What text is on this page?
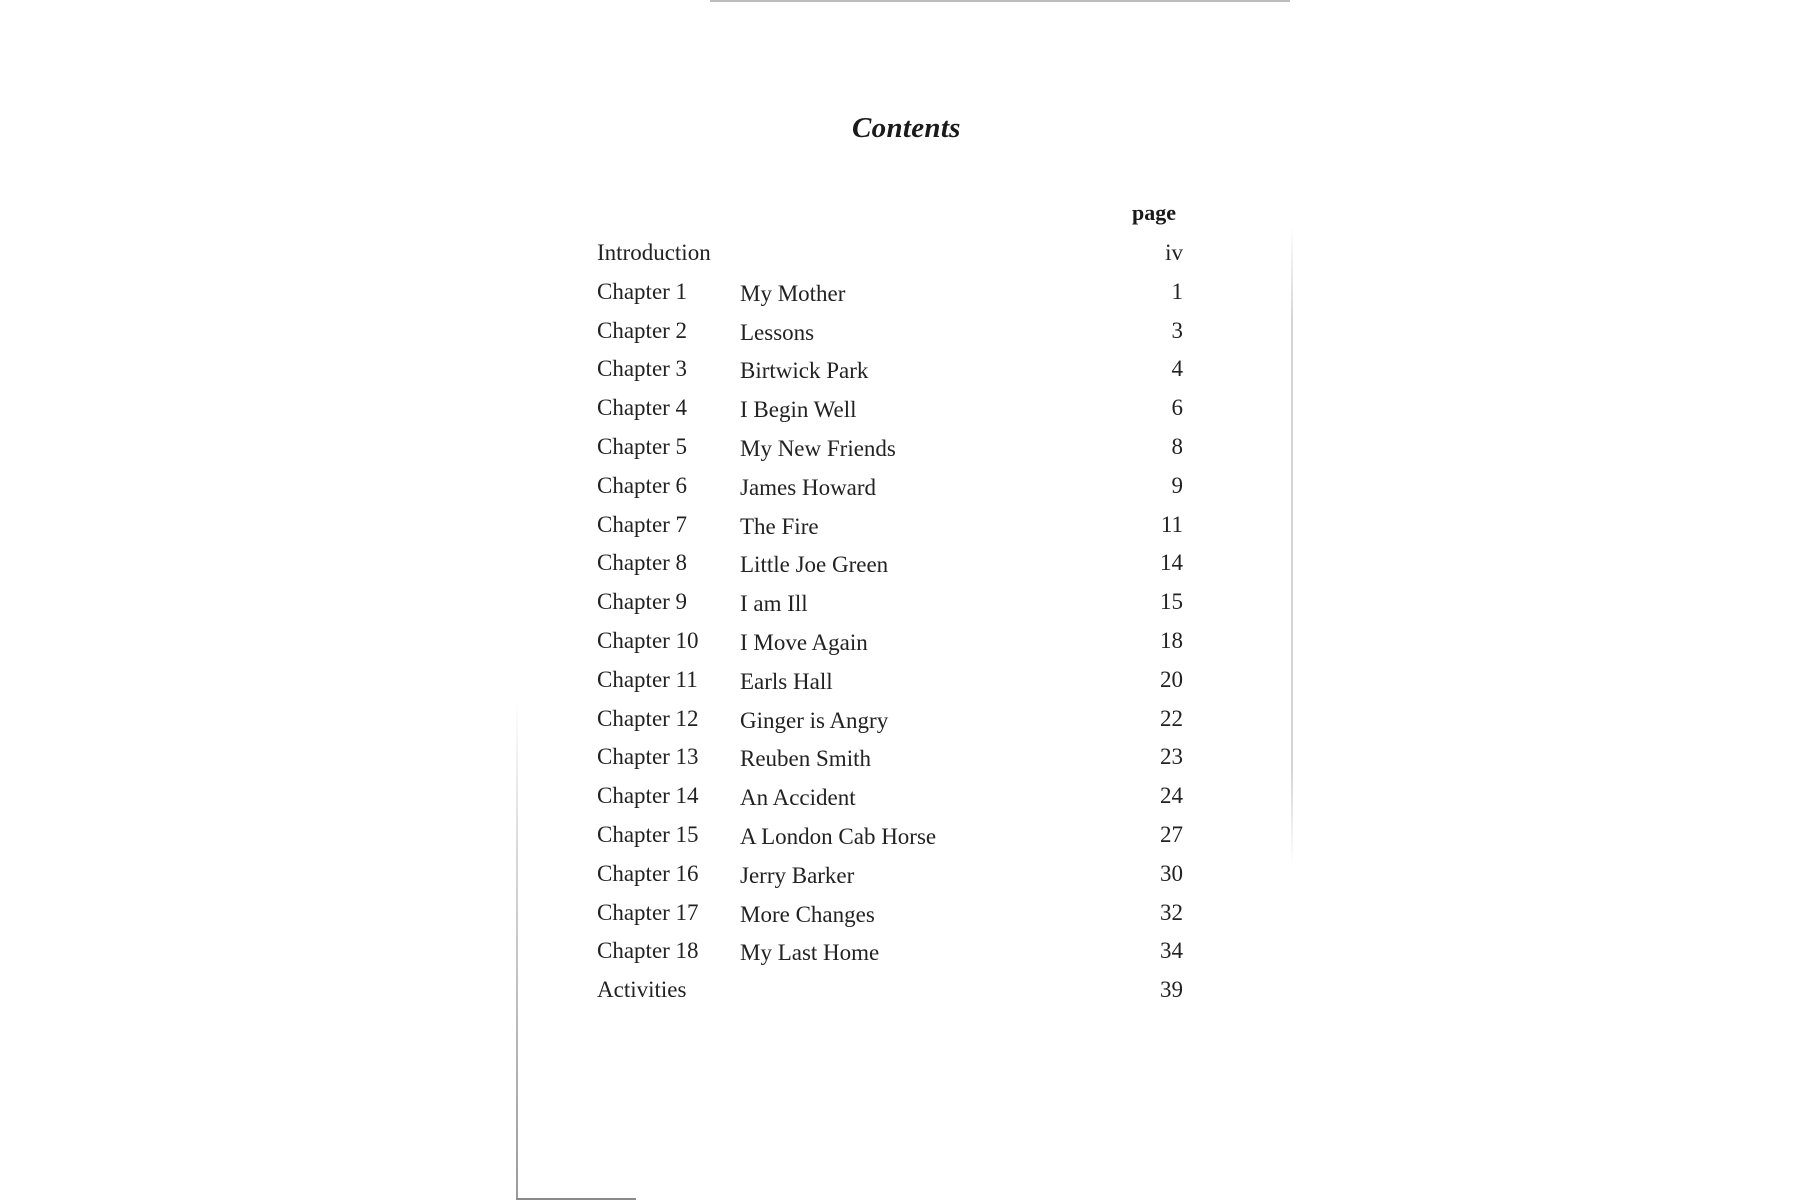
Contents
page
Introduction	iv
Chapter 1 My Mother	1
Chapter 2 Lessons	3
Chapter 3 Birtwick Park	4
Chapter 4 I Begin Well	6
Chapter 5 My New Friends	8
Chapter 6 James Howard	9
Chapter 7 The Fire	11
Chapter 8 Little Joe Green	14
Chapter 9 I am Ill	15
Chapter 10 I Move Again	18
Chapter 11 Earls Hall	20
Chapter 12 Ginger is Angry	22
Chapter 13 Reuben Smith	23
Chapter 14 An Accident	24
Chapter 15 A London Cab Horse	27
Chapter 16 Jerry Barker	30
Chapter 17 More Changes	32
Chapter 18 My Last Home	34
Activities	39
